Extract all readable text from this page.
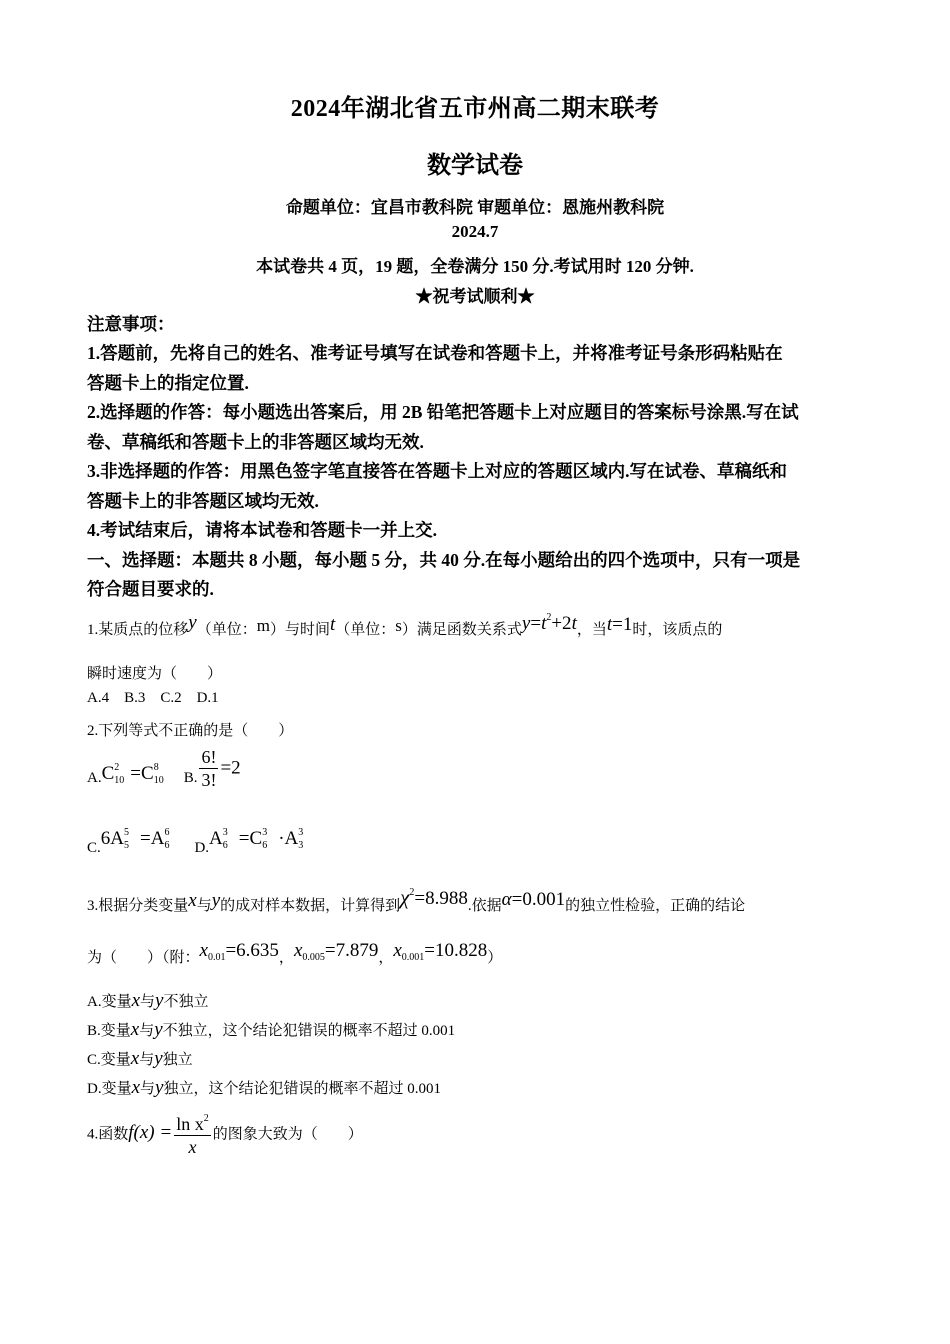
2024年湖北省五市州高二期末联考
数学试卷
命题单位：宜昌市教科院 审题单位：恩施州教科院
2024.7
本试卷共 4 页，19 题，全卷满分 150 分.考试用时 120 分钟.
★祝考试顺利★
注意事项：
1.答题前，先将自己的姓名、准考证号填写在试卷和答题卡上，并将准考证号条形码粘贴在
答题卡上的指定位置.
2.选择题的作答：每小题选出答案后，用 2B 铅笔把答题卡上对应题目的答案标号涂黑.写在试
卷、草稿纸和答题卡上的非答题区域均无效.
3.非选择题的作答：用黑色签字笔直接答在答题卡上对应的答题区域内.写在试卷、草稿纸和
答题卡上的非答题区域均无效.
4.考试结束后，请将本试卷和答题卡一并上交.
一、选择题：本题共 8 小题，每小题 5 分，共 40 分.在每小题给出的四个选项中，只有一项是
符合题目要求的.
1.某质点的位移y（单位：m）与时间t（单位：s）满足函数关系式$y=t^2+2t$，当t=1时，该质点的
瞬时速度为（　　）
A.4    B.3    C.2    D.1
2.下列等式不正确的是（　　）
A.C 2
10 =C 8
10 B. $\frac{6!}{3!} =2$
C.6A 5
5 =A 6
6 D.A 3
6 =C 3
6 ·A 3
3
3.根据分类变量x与y的成对样本数据，计算得到$\chi^2=8.988$.依据α=0.001的独立性检验，正确的结论
为（　　）（附：$x_{0.01}=6.635$，$x_{0.005}=7.879$，$x_{0.001}=10.828$）
A.变量x与y不独立
B.变量x与y不独立，这个结论犯错误的概率不超过 0.001
C.变量x与y独立
D.变量x与y独立，这个结论犯错误的概率不超过 0.001
4.函数$f(x) = \frac{\ln x^2}{x}$ 的图象大致为（　　）
